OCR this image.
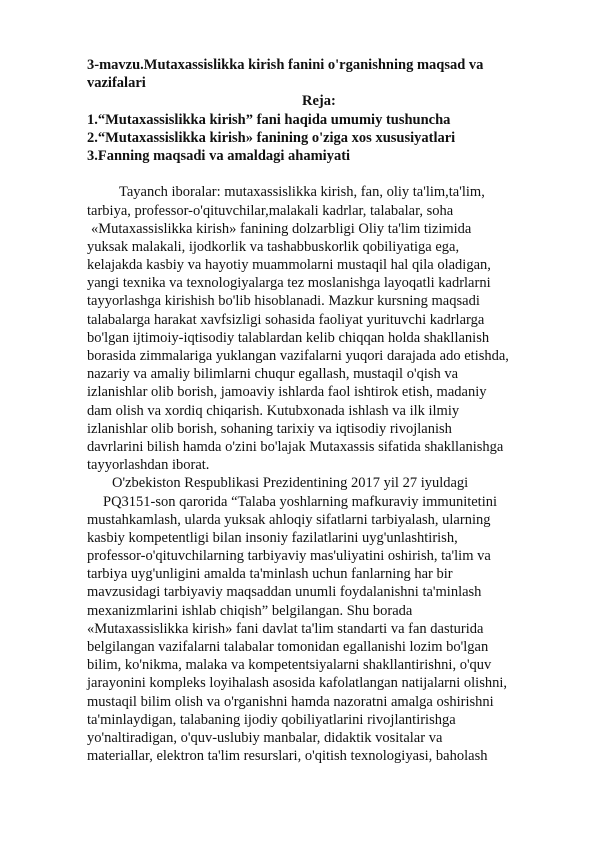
3-mavzu.Mutaxassislikka kirish fanini o'rganishning maqsad va
vazifalari
Reja:
1.“Mutaxassislikka kirish” fani haqida umumiy tushuncha
2.“Mutaxassislikka kirish» fanining o'ziga xos xususiyatlari
3.Fanning maqsadi va amaldagi ahamiyati
Tayanch iboralar: mutaxassislikka kirish, fan, oliy ta'lim,ta'lim,
tarbiya, professor-o'qituvchilar,malakali kadrlar, talabalar, soha
«Mutaxassislikka kirish» fanining dolzarbligi Oliy ta'lim tizimida
yuksak malakali, ijodkorlik va tashabbuskorlik qobiliyatiga ega,
kelajakda kasbiy va hayotiy muammolarni mustaqil hal qila oladigan,
yangi texnika va texnologiyalarga tez moslanishga layoqatli kadrlarni
tayyorlashga kirishish bo'lib hisoblanadi. Mazkur kursning maqsadi
talabalarga harakat xavfsizligi sohasida faoliyat yurituvchi kadrlarga
bo'lgan ijtimoiy-iqtisodiy talablardan kelib chiqqan holda shakllanish
borasida zimmalariga yuklangan vazifalarni yuqori darajada ado etishda,
nazariy va amaliy bilimlarni chuqur egallash, mustaqil o'qish va
izlanishlar olib borish, jamoaviy ishlarda faol ishtirok etish, madaniy
dam olish va xordiq chiqarish. Kutubxonada ishlash va ilk ilmiy
izlanishlar olib borish, sohaning tarixiy va iqtisodiy rivojlanish
davrlarini bilish hamda o'zini bo'lajak Mutaxassis sifatida shakllanishga
tayyorlashdan iborat.
O'zbekiston Respublikasi Prezidentining 2017 yil 27 iyuldagi
PQ3151-son qarorida “Talaba yoshlarning mafkuraviy immunitetini
mustahkamlash, ularda yuksak ahloqiy sifatlarni tarbiyalash, ularning
kasbiy kompetentligi bilan insoniy fazilatlarini uyg'unlashtirish,
professor-o'qituvchilarning tarbiyaviy mas'uliyatini oshirish, ta'lim va
tarbiya uyg'unligini amalda ta'minlash uchun fanlarning har bir
mavzusidagi tarbiyaviy maqsaddan unumli foydalanishni ta'minlash
mexanizmlarini ishlab chiqish” belgilangan. Shu borada
«Mutaxassislikka kirish» fani davlat ta'lim standarti va fan dasturida
belgilangan vazifalarni talabalar tomonidan egallanishi lozim bo'lgan
bilim, ko'nikma, malaka va kompetentsiyalarni shakllantirishni, o'quv
jarayonini kompleks loyihalash asosida kafolatlangan natijalarni olishni,
mustaqil bilim olish va o'rganishni hamda nazoratni amalga oshirishni
ta'minlaydigan, talabaning ijodiy qobiliyatlarini rivojlantirishga
yo'naltiradigan, o'quv-uslubiy manbalar, didaktik vositalar va
materiallar, elektron ta'lim resurslari, o'qitish texnologiyasi, baholash
